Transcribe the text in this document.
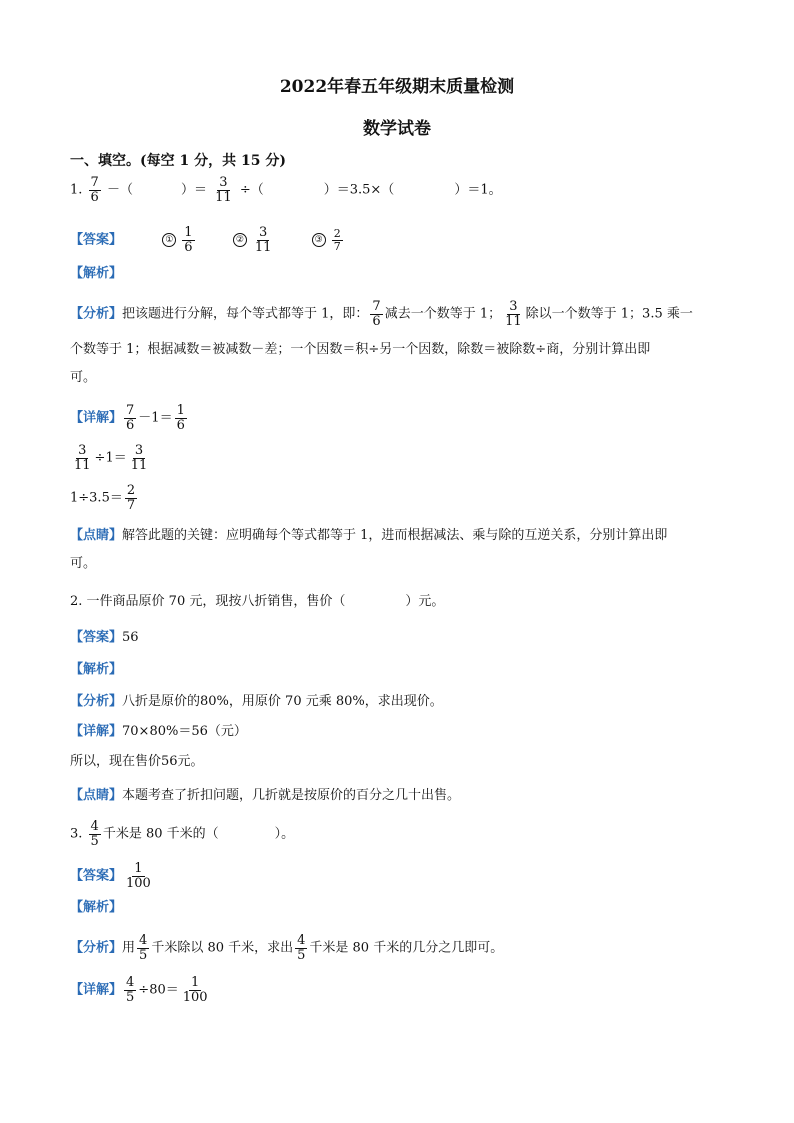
2022年春五年级期末质量检测
数学试卷
一、填空。(每空 1 分，共 15 分)
1. $\frac{7}{6}$ －（	）＝ $\frac{3}{11}$ ÷（	）＝3.5×（	）＝1。
【答案】	① $\frac{1}{6}$	② $\frac{3}{11}$	③ $\frac{2}{7}$
【解析】
【分析】把该题进行分解，每个等式都等于 1，即： $\frac{7}{6}$ 减去一个数等于 1； $\frac{3}{11}$ 除以一个数等于 1；3.5 乘一
个数等于 1；根据减数＝被减数－差；一个因数＝积÷另一个因数，除数＝被除数÷商，分别计算出即
可。
【详解】 $\frac{7}{6} -1= \frac{1}{6}$
$\frac{3}{11} \div 1= \frac{3}{11}$
$1\div 3.5= \frac{2}{7}$
【点睛】解答此题的关键：应明确每个等式都等于 1，进而根据减法、乘与除的互逆关系，分别计算出即
可。
2. 一件商品原价 70 元，现按八折销售，售价（	）元。
【答案】56
【解析】
【分析】八折是原价的80%，用原价 70 元乘 80%，求出现价。
【详解】70×80%＝56（元）
所以，现在售价56元。
【点睛】本题考查了折扣问题，几折就是按原价的百分之几十出售。
3. $\frac{4}{5}$ 千米是 80 千米的（	）。
【答案】 $\frac{1}{100}$
【解析】
【分析】用 $\frac{4}{5}$ 千米除以 80 千米，求出 $\frac{4}{5}$ 千米是 80 千米的几分之几即可。
【详解】 $\frac{4}{5} \div 80= \frac{1}{100}$
